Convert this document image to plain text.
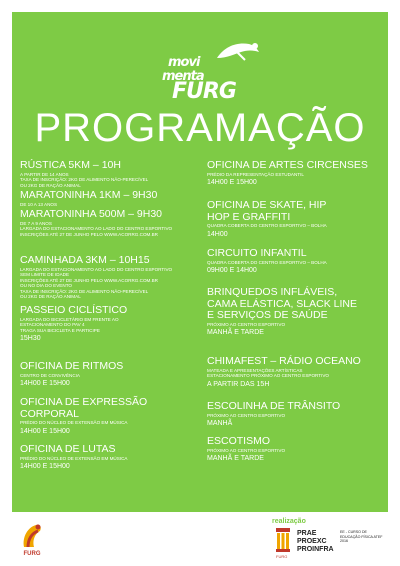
movi
menta
FURG
PROGRAMAÇÃO
RÚSTICA 5KM – 10H
A PARTIR DE 14 ANOS
TAXA DE INSCRIÇÃO: 2KG DE ALIMENTO NÃO-PERECÍVEL
OU 2KG DE RAÇÃO ANIMAL
MARATONINHA 1KM – 9H30
DE 10 A 13 ANOS
MARATONINHA 500M – 9H30
DE 7 A 9 ANOS
LARGADA DO ESTACIONAMENTO AO LADO DO CENTRO ESPORTIVO
INSCRIÇÕES ATÉ 27 DE JUNHO PELO WWW.ACORRG.COM.BR
CAMINHADA 3KM – 10H15
LARGADA DO ESTACIONAMENTO AO LADO DO CENTRO ESPORTIVO
SEM LIMITE DE IDADE
INSCRIÇÕES ATÉ 27 DE JUNHO PELO WWW.ACORRG.COM.BR
OU NO DIA DO EVENTO
TAXA DE INSCRIÇÃO: 2KG DE ALIMENTO NÃO-PERECÍVEL
OU 2KG DE RAÇÃO ANIMAL
PASSEIO CICLÍSTICO
LARGADA DO BICICLETÁRIO EM FRENTE AO
ESTACIONAMENTO DO PAV 4
TRAGA SUA BICICLETA E PARTICIPE
15H30
OFICINA DE RITMOS
CENTRO DE CONVIVÊNCIA
14H00 E 15H00
OFICINA DE EXPRESSÃO CORPORAL
PRÉDIO DO NÚCLEO DE EXTENSÃO EM MÚSICA
14H00 E 15H00
OFICINA DE LUTAS
PRÉDIO DO NÚCLEO DE EXTENSÃO EM MÚSICA
14H00 E 15H00
OFICINA DE ARTES CIRCENSES
PRÉDIO DA REPRESENTAÇÃO ESTUDANTIL
14H00 E 15H00
OFICINA DE SKATE, HIP HOP E GRAFFITI
QUADRA COBERTA DO CENTRO ESPORTIVO – BOLHA
14H00
CIRCUITO INFANTIL
QUADRA COBERTA DO CENTRO ESPORTIVO – BOLHA
09H00 E 14H00
BRINQUEDOS INFLÁVEIS, CAMA ELÁSTICA, SLACK LINE E SERVIÇOS DE SAÚDE
PRÓXIMO AO CENTRO ESPORTIVO
MANHÃ E TARDE
CHIMAFEST – RÁDIO OCEANO
MATEADA E APRESENTAÇÕES ARTÍSTICAS
ESTACIONAMENTO PRÓXIMO AO CENTRO ESPORTIVO
A PARTIR DAS 15H
ESCOLINHA DE TRÂNSITO
PRÓXIMO AO CENTRO ESPORTIVO
MANHÃ
ESCOTISMO
PRÓXIMO AO CENTRO ESPORTIVO
MANHÃ E TARDE
FURG
realização
FURG
PRAE
PROEXC
PROINFRA
EE - CURSO DE EDUCAÇÃO FÍSICA ATEF 2016
